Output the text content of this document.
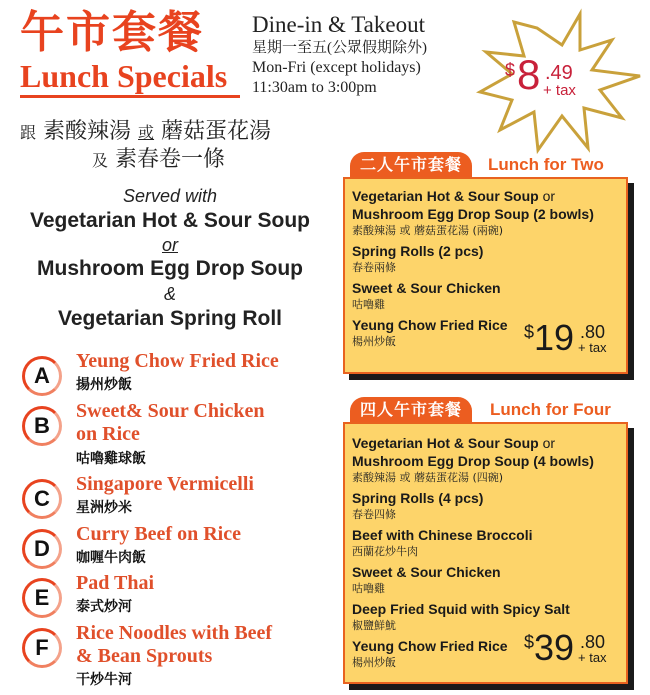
午市套餐
Lunch Specials
Dine-in & Takeout
星期一至五(公眾假期除外)
Mon-Fri (except holidays)
11:30am to 3:00pm
$ 8 .49
+ tax
跟 素酸辣湯 或 蘑菇蛋花湯
及 素春卷一條
Served with
Vegetarian Hot & Sour Soup
or
Mushroom Egg Drop Soup
&
Vegetarian Spring Roll
A
Yeung Chow Fried Rice
揚州炒飯
B
Sweet& Sour Chicken
on Rice
咕嚕雞球飯
C
Singapore Vermicelli
星洲炒米
D
Curry Beef on Rice
咖喱牛肉飯
E
Pad Thai
泰式炒河
F
Rice Noodles with Beef
& Bean Sprouts
干炒牛河
二人午市套餐	Lunch for Two
Vegetarian Hot & Sour Soup or
Mushroom Egg Drop Soup (2 bowls)
素酸辣湯 或 蘑菇蛋花湯 (兩碗)
Spring Rolls (2 pcs)
春卷兩條
Sweet & Sour Chicken
咕嚕雞
Yeung Chow Fried Rice
楊州炒飯	$ 19 .80
+ tax
四人午市套餐	Lunch for Four
Vegetarian Hot & Sour Soup or
Mushroom Egg Drop Soup (4 bowls)
素酸辣湯 或 蘑菇蛋花湯 (四碗)
Spring Rolls (4 pcs)
春卷四條
Beef with Chinese Broccoli
西蘭花炒牛肉
Sweet & Sour Chicken
咕嚕雞
Deep Fried Squid with Spicy Salt
椒鹽鮮魷
Yeung Chow Fried Rice
楊州炒飯
$ 39 .80
+ tax
